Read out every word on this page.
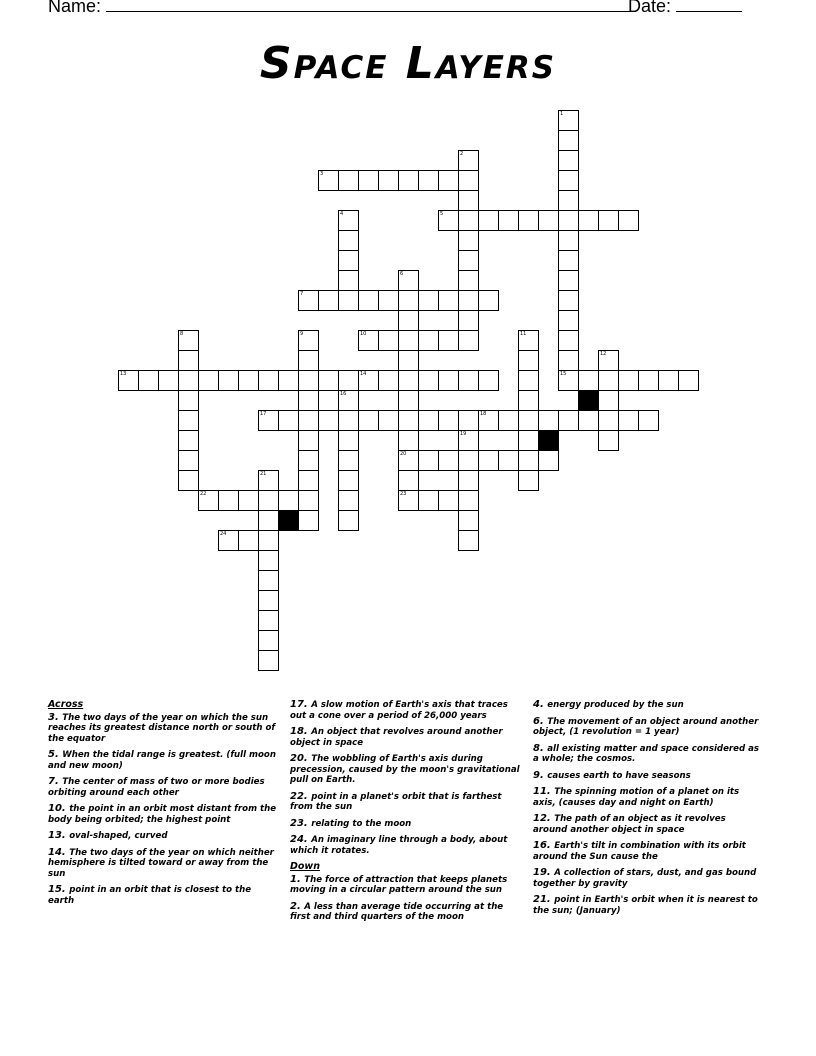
Name:	Date:
Space Layers
1
15
2
3
4	5
6
20
23
7
8	9	10	11
12
13	14
16
17	18
19
21
22
24
Across
3. The two days of the year on which the sun reaches its greatest distance north or south of the equator
5. When the tidal range is greatest. (full moon and new moon)
7. The center of mass of two or more bodies orbiting around each other
10. the point in an orbit most distant from the body being orbited; the highest point
13. oval-shaped, curved
14. The two days of the year on which neither hemisphere is tilted toward or away from the sun
15. point in an orbit that is closest to the earth
17. A slow motion of Earth's axis that traces out a cone over a period of 26,000 years
18. An object that revolves around another object in space
20. The wobbling of Earth's axis during precession, caused by the moon's gravitational pull on Earth.
22. point in a planet's orbit that is farthest from the sun
23. relating to the moon
24. An imaginary line through a body, about which it rotates.
Down
1. The force of attraction that keeps planets moving in a circular pattern around the sun
2. A less than average tide occurring at the first and third quarters of the moon
4. energy produced by the sun
6. The movement of an object around another object, (1 revolution = 1 year)
8. all existing matter and space considered as a whole; the cosmos.
9. causes earth to have seasons
11. The spinning motion of a planet on its axis, (causes day and night on Earth)
12. The path of an object as it revolves around another object in space
16. Earth's tilt in combination with its orbit around the Sun cause the
19. A collection of stars, dust, and gas bound together by gravity
21. point in Earth's orbit when it is nearest to the sun; (January)
